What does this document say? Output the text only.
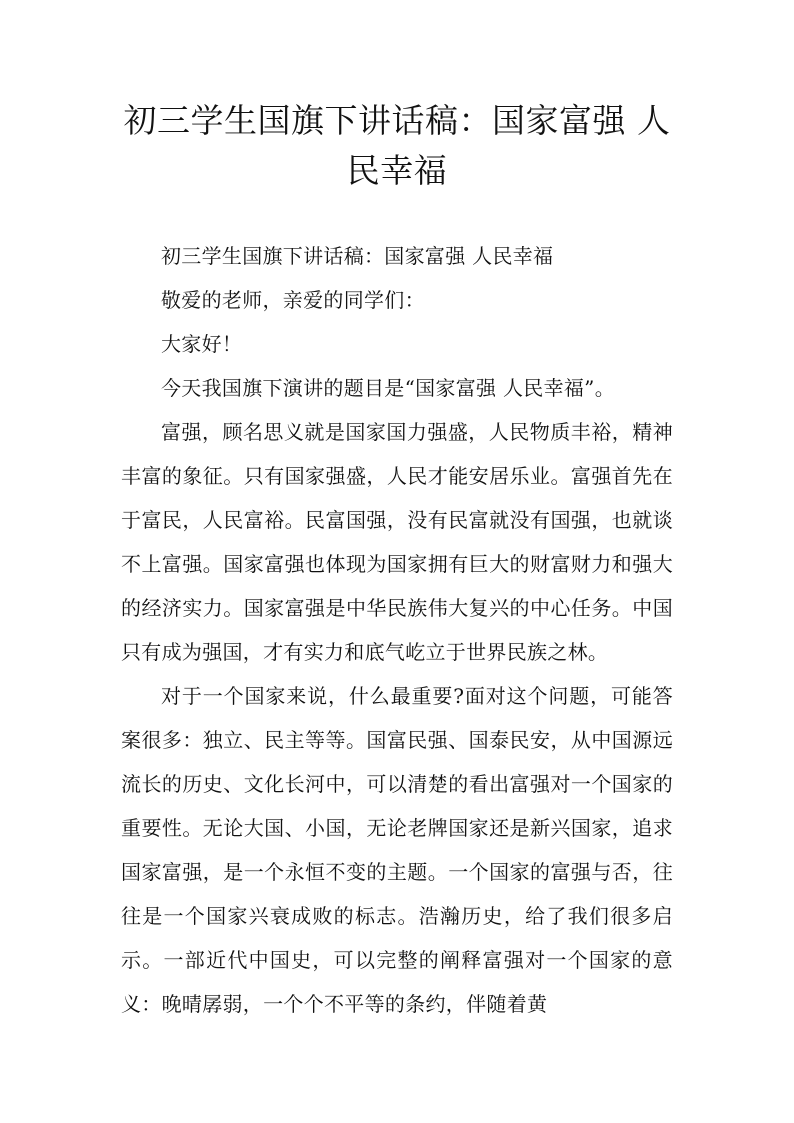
初三学生国旗下讲话稿：国家富强 人民幸福

初三学生国旗下讲话稿：国家富强 人民幸福

敬爱的老师，亲爱的同学们：

大家好！

今天我国旗下演讲的题目是“国家富强 人民幸福”。

富强，顾名思义就是国家国力强盛，人民物质丰裕，精神丰富的象征。只有国家强盛，人民才能安居乐业。富强首先在于富民，人民富裕。民富国强，没有民富就没有国强，也就谈不上富强。国家富强也体现为国家拥有巨大的财富财力和强大的经济实力。国家富强是中华民族伟大复兴的中心任务。中国只有成为强国，才有实力和底气屹立于世界民族之林。

对于一个国家来说，什么最重要?面对这个问题，可能答案很多：独立、民主等等。国富民强、国泰民安，从中国源远流长的历史、文化长河中，可以清楚的看出富强对一个国家的重要性。无论大国、小国，无论老牌国家还是新兴国家，追求国家富强，是一个永恒不变的主题。一个国家的富强与否，往往是一个国家兴衰成败的标志。浩瀚历史，给了我们很多启示。一部近代中国史，可以完整的阐释富强对一个国家的意义：晚晴孱弱，一个个不平等的条约，伴随着黄
